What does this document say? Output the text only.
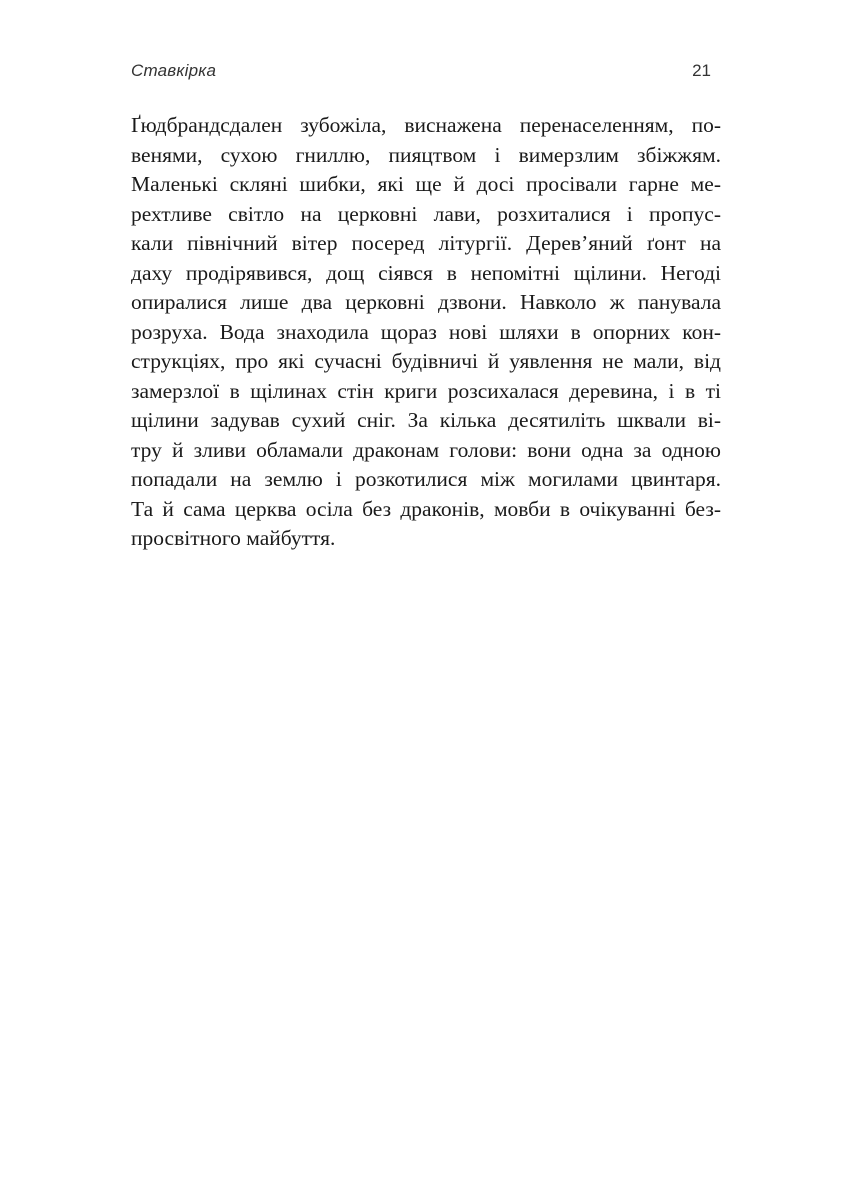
Ставкірка	21
Ґюдбрандсдален зубожіла, виснажена перенаселенням, по-
венями, сухою гниллю, пияцтвом і вимерзлим збіжжям.
Маленькі скляні шибки, які ще й досі просівали гарне ме-
рехтливе світло на церковні лави, розхиталися і пропус-
кали північний вітер посеред літургії. Дерев’яний ґонт на
даху продірявився, дощ сіявся в непомітні щілини. Негоді
опиралися лише два церковні дзвони. Навколо ж панувала
розруха. Вода знаходила щораз нові шляхи в опорних кон-
струкціях, про які сучасні будівничі й уявлення не мали, від
замерзлої в щілинах стін криги розсихалася деревина, і в ті
щілини задував сухий сніг. За кілька десятиліть шквали ві-
тру й зливи обламали драконам голови: вони одна за одною
попадали на землю і розкотилися між могилами цвинтаря.
Та й сама церква осіла без драконів, мовби в очікуванні без-
просвітного майбуття.
